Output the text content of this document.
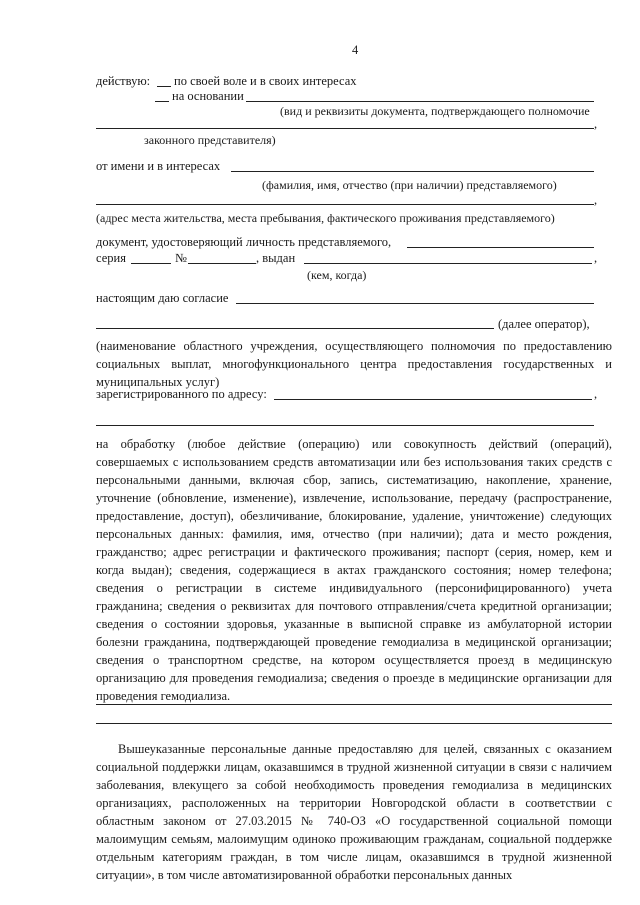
4
действую: по своей воле и в своих интересах
на основании
(вид и реквизиты документа, подтверждающего полномочие
,
законного представителя)
от имени и в интересах
(фамилия, имя, отчество (при наличии) представляемого)
,
(адрес места жительства, места пребывания, фактического проживания представляемого)
документ, удостоверяющий личность представляемого,
серия	№	, выдан	,
(кем, когда)
настоящим даю согласие
(далее оператор),
(наименование областного учреждения, осуществляющего полномочия по предоставлению социальных выплат, многофункционального центра предоставления государственных и муниципальных услуг)
зарегистрированного по адресу:	,
на обработку (любое действие (операцию) или совокупность действий (операций), совершаемых с использованием средств автоматизации или без использования таких средств с персональными данными, включая сбор, запись, систематизацию, накопление, хранение, уточнение (обновление, изменение), извлечение, использование, передачу (распространение, предоставление, доступ), обезличивание, блокирование, удаление, уничтожение) следующих персональных данных: фамилия, имя, отчество (при наличии); дата и место рождения, гражданство; адрес регистрации и фактического проживания; паспорт (серия, номер, кем и когда выдан); сведения, содержащиеся в актах гражданского состояния; номер телефона; сведения о регистрации в системе индивидуального (персонифицированного) учета гражданина; сведения о реквизитах для почтового отправления/счета кредитной организации; сведения о состоянии здоровья, указанные в выписной справке из амбулаторной истории болезни гражданина, подтверждающей проведение гемодиализа в медицинской организации; сведения о транспортном средстве, на котором осуществляется проезд в медицинскую организацию для проведения гемодиализа; сведения о проезде в медицинские организации для проведения гемодиализа.
Вышеуказанные персональные данные предоставляю для целей, связанных с оказанием социальной поддержки лицам, оказавшимся в трудной жизненной ситуации в связи с наличием заболевания, влекущего за собой необходимость проведения гемодиализа в медицинских организациях, расположенных на территории Новгородской области в соответствии с областным законом от 27.03.2015 № 740-ОЗ «О государственной социальной помощи малоимущим семьям, малоимущим одиноко проживающим гражданам, социальной поддержке отдельным категориям граждан, в том числе лицам, оказавшимся в трудной жизненной ситуации», в том числе автоматизированной обработки персональных данных
